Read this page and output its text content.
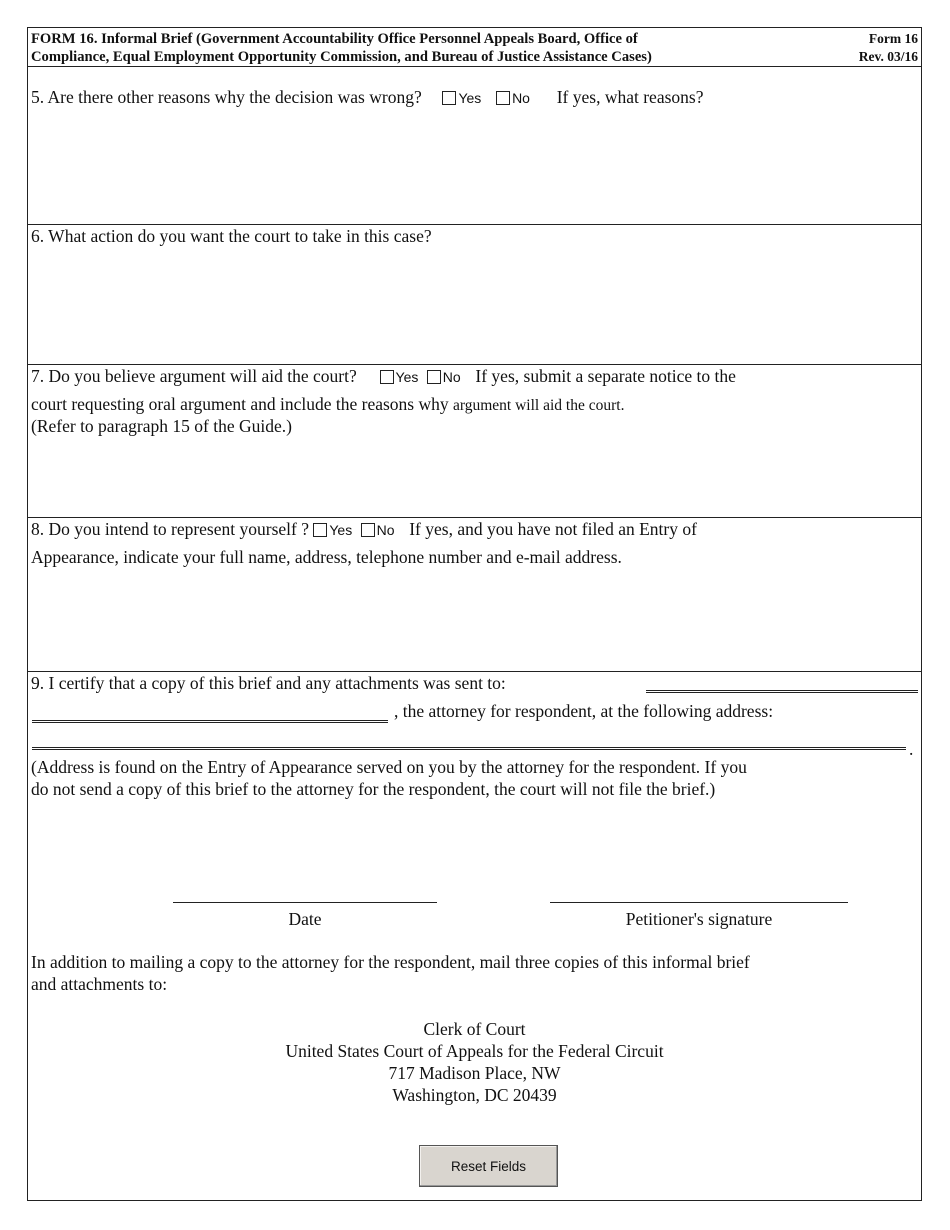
FORM 16. Informal Brief (Government Accountability Office Personnel Appeals Board, Office of
Compliance, Equal Employment Opportunity Commission, and Bureau of Justice Assistance Cases)
Form 16
Rev. 03/16
5. Are there other reasons why the decision was wrong?	Yes No If yes, what reasons?
6. What action do you want the court to take in this case?
7. Do you believe argument will aid the court?	Yes No If yes, submit a separate notice to the
court requesting oral argument and include the reasons why argument will aid the court.
(Refer to paragraph 15 of the Guide.)
8. Do you intend to represent yourself ? Yes No If yes, and you have not filed an Entry of
Appearance, indicate your full name, address, telephone number and e-mail address.
9. I certify that a copy of this brief and any attachments was sent to:
, the attorney for respondent, at the following address:
.
(Address is found on the Entry of Appearance served on you by the attorney for the respondent. If you
do not send a copy of this brief to the attorney for the respondent, the court will not file the brief.)
Date	Petitioner's signature
In addition to mailing a copy to the attorney for the respondent, mail three copies of this informal brief
and attachments to:
Clerk of Court
United States Court of Appeals for the Federal Circuit
717 Madison Place, NW
Washington, DC 20439
Reset Fields
